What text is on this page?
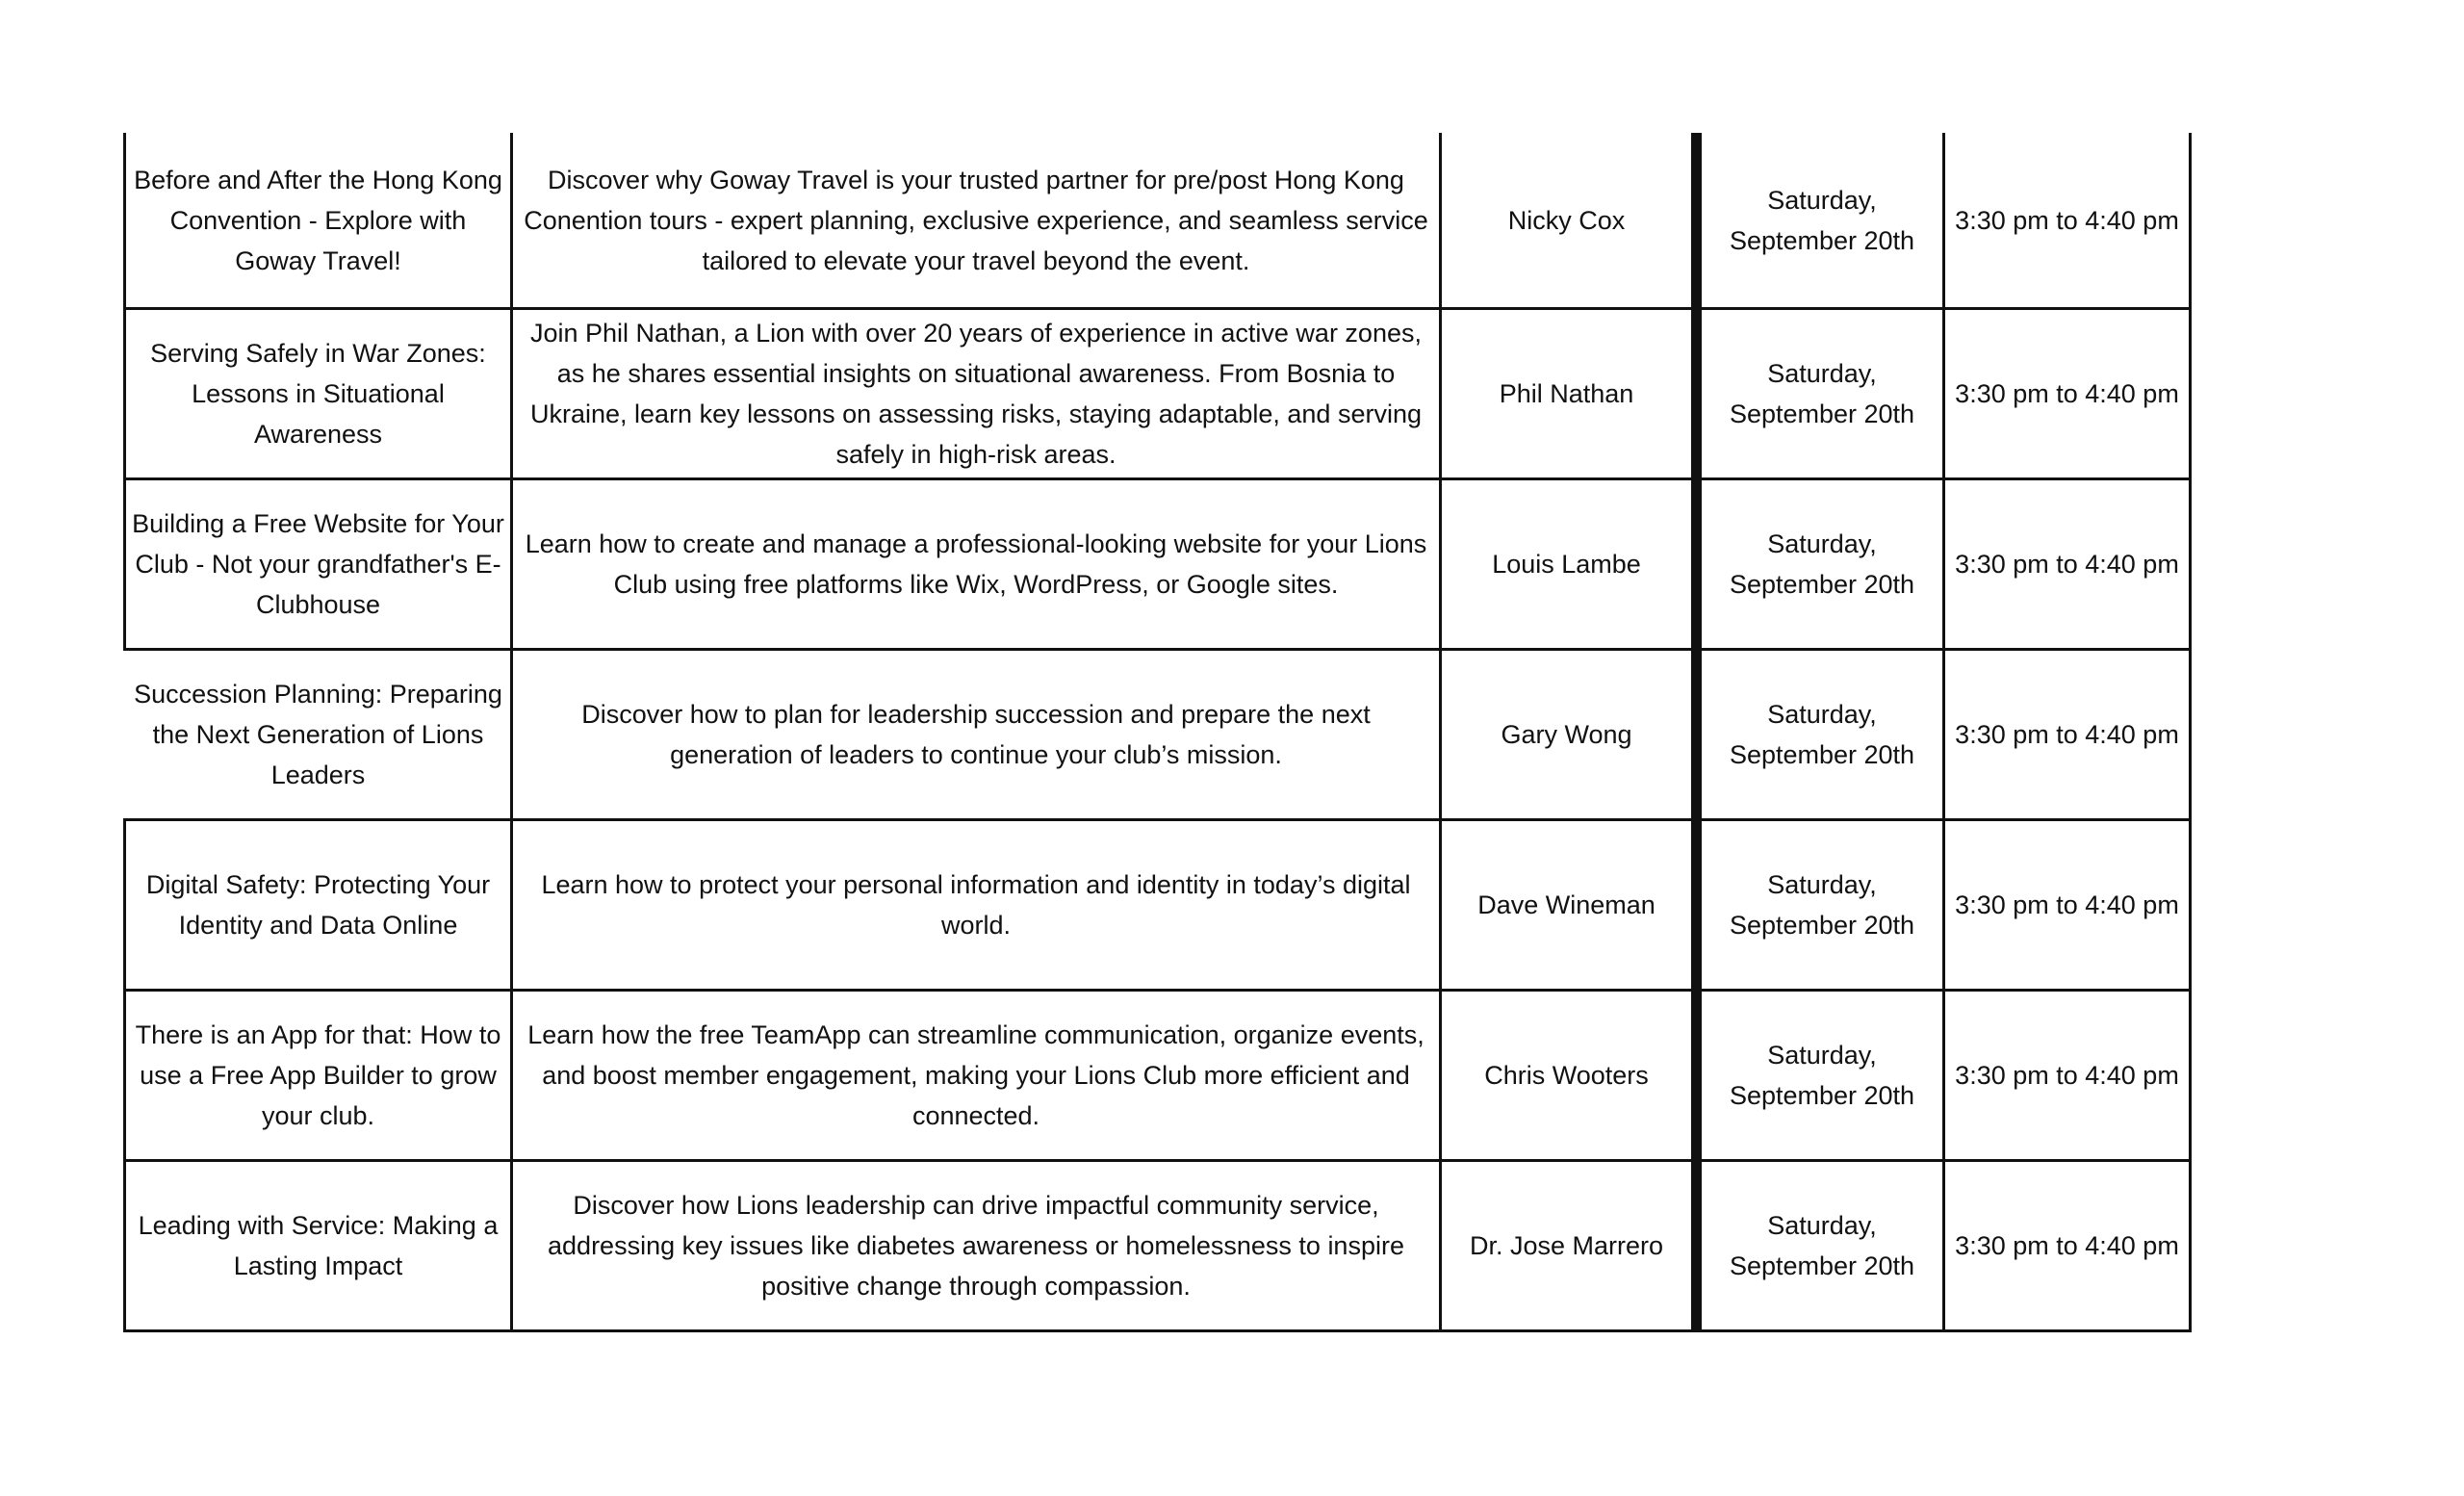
Before and After the Hong Kong Convention - Explore with Goway Travel!	Discover why Goway Travel is your trusted partner for pre/post Hong Kong Conention tours - expert planning, exclusive experience, and seamless service tailored to elevate your travel beyond the event.	Nicky Cox	Saturday, September 20th	3:30 pm to 4:40 pm
Serving Safely in War Zones: Lessons in Situational Awareness	Join Phil Nathan, a Lion with over 20 years of experience in active war zones, as he shares essential insights on situational awareness. From Bosnia to Ukraine, learn key lessons on assessing risks, staying adaptable, and serving safely in high-risk areas.	Phil Nathan	Saturday, September 20th	3:30 pm to 4:40 pm
Building a Free Website for Your Club - Not your grandfather's E-Clubhouse	Learn how to create and manage a professional-looking website for your Lions Club using free platforms like Wix, WordPress, or Google sites.	Louis Lambe	Saturday, September 20th	3:30 pm to 4:40 pm
Succession Planning: Preparing the Next Generation of Lions Leaders	Discover how to plan for leadership succession and prepare the next generation of leaders to continue your club’s mission.	Gary Wong	Saturday, September 20th	3:30 pm to 4:40 pm
Digital Safety: Protecting Your Identity and Data Online	Learn how to protect your personal information and identity in today’s digital world.	Dave Wineman	Saturday, September 20th	3:30 pm to 4:40 pm
There is an App for that: How to use a Free App Builder to grow your club.	Learn how the free TeamApp can streamline communication, organize events, and boost member engagement, making your Lions Club more efficient and connected.	Chris Wooters	Saturday, September 20th	3:30 pm to 4:40 pm
Leading with Service: Making a Lasting Impact	Discover how Lions leadership can drive impactful community service, addressing key issues like diabetes awareness or homelessness to inspire positive change through compassion.	Dr. Jose Marrero	Saturday, September 20th	3:30 pm to 4:40 pm
